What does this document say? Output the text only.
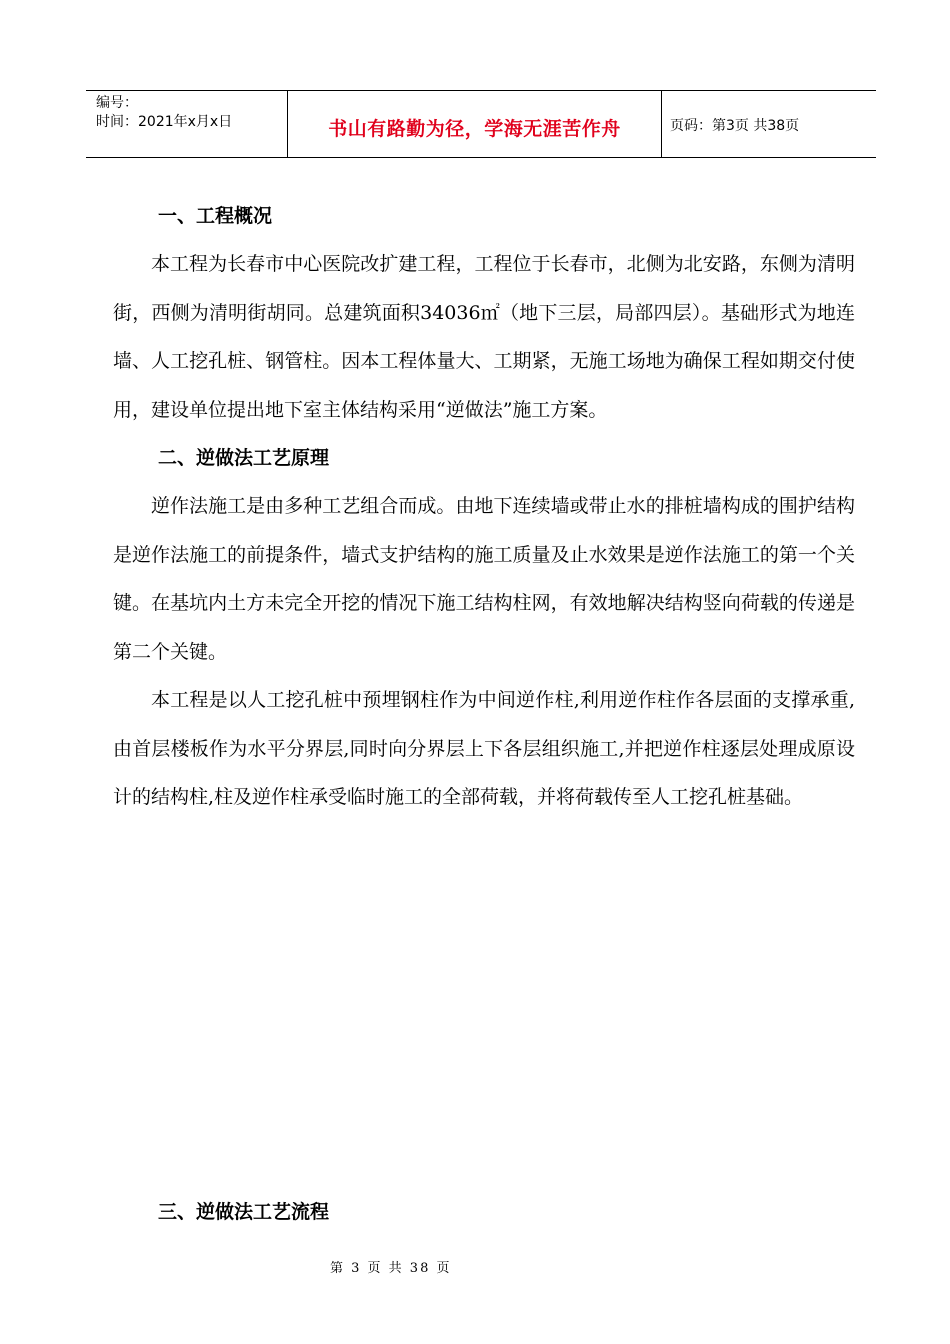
编号：
时间：2021年x月x日	书山有路勤为径，学海无涯苦作舟	页码：第3页 共38页
一、工程概况

本工程为长春市中心医院改扩建工程，工程位于长春市，北侧为北安路，东侧为清明街，西侧为清明街胡同。总建筑面积34036㎡（地下三层，局部四层）。基础形式为地连墙、人工挖孔桩、钢管柱。因本工程体量大、工期紧，无施工场地为确保工程如期交付使用，建设单位提出地下室主体结构采用“逆做法”施工方案。

二、逆做法工艺原理

逆作法施工是由多种工艺组合而成。由地下连续墙或带止水的排桩墙构成的围护结构是逆作法施工的前提条件，墙式支护结构的施工质量及止水效果是逆作法施工的第一个关键。在基坑内土方未完全开挖的情况下施工结构柱网，有效地解决结构竖向荷载的传递是第二个关键。

本工程是以人工挖孔桩中预埋钢柱作为中间逆作柱,利用逆作柱作各层面的支撑承重,由首层楼板作为水平分界层,同时向分界层上下各层组织施工,并把逆作柱逐层处理成原设计的结构柱,柱及逆作柱承受临时施工的全部荷载，并将荷载传至人工挖孔桩基础。

三、逆做法工艺流程
第 3 页 共 38 页
